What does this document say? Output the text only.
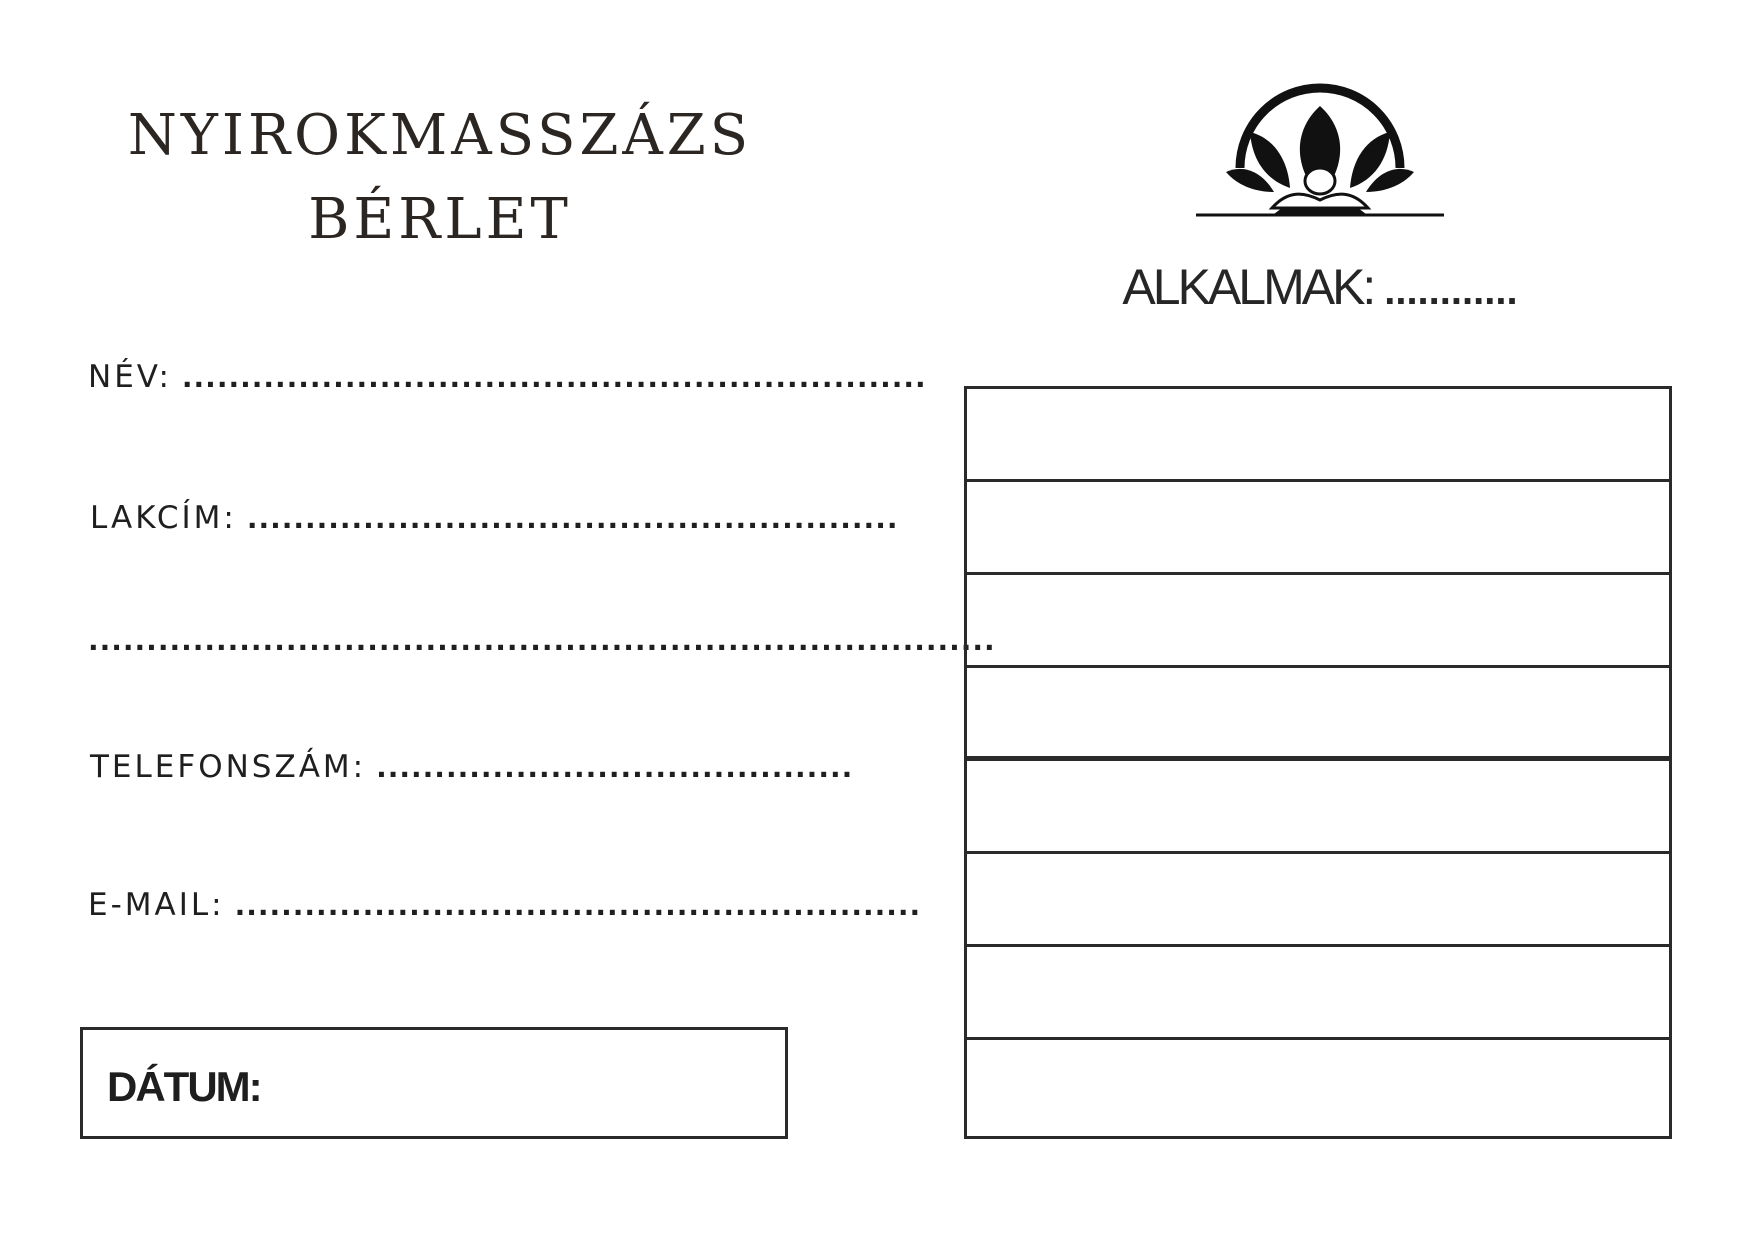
NYIROKMASSZÁZS
BÉRLET
NÉV: ................................................................
LAKCÍM: ........................................................
..............................................................................
TELEFONSZÁM: .........................................
E-MAIL: ...........................................................
DÁTUM:
ALKALMAK: ............
